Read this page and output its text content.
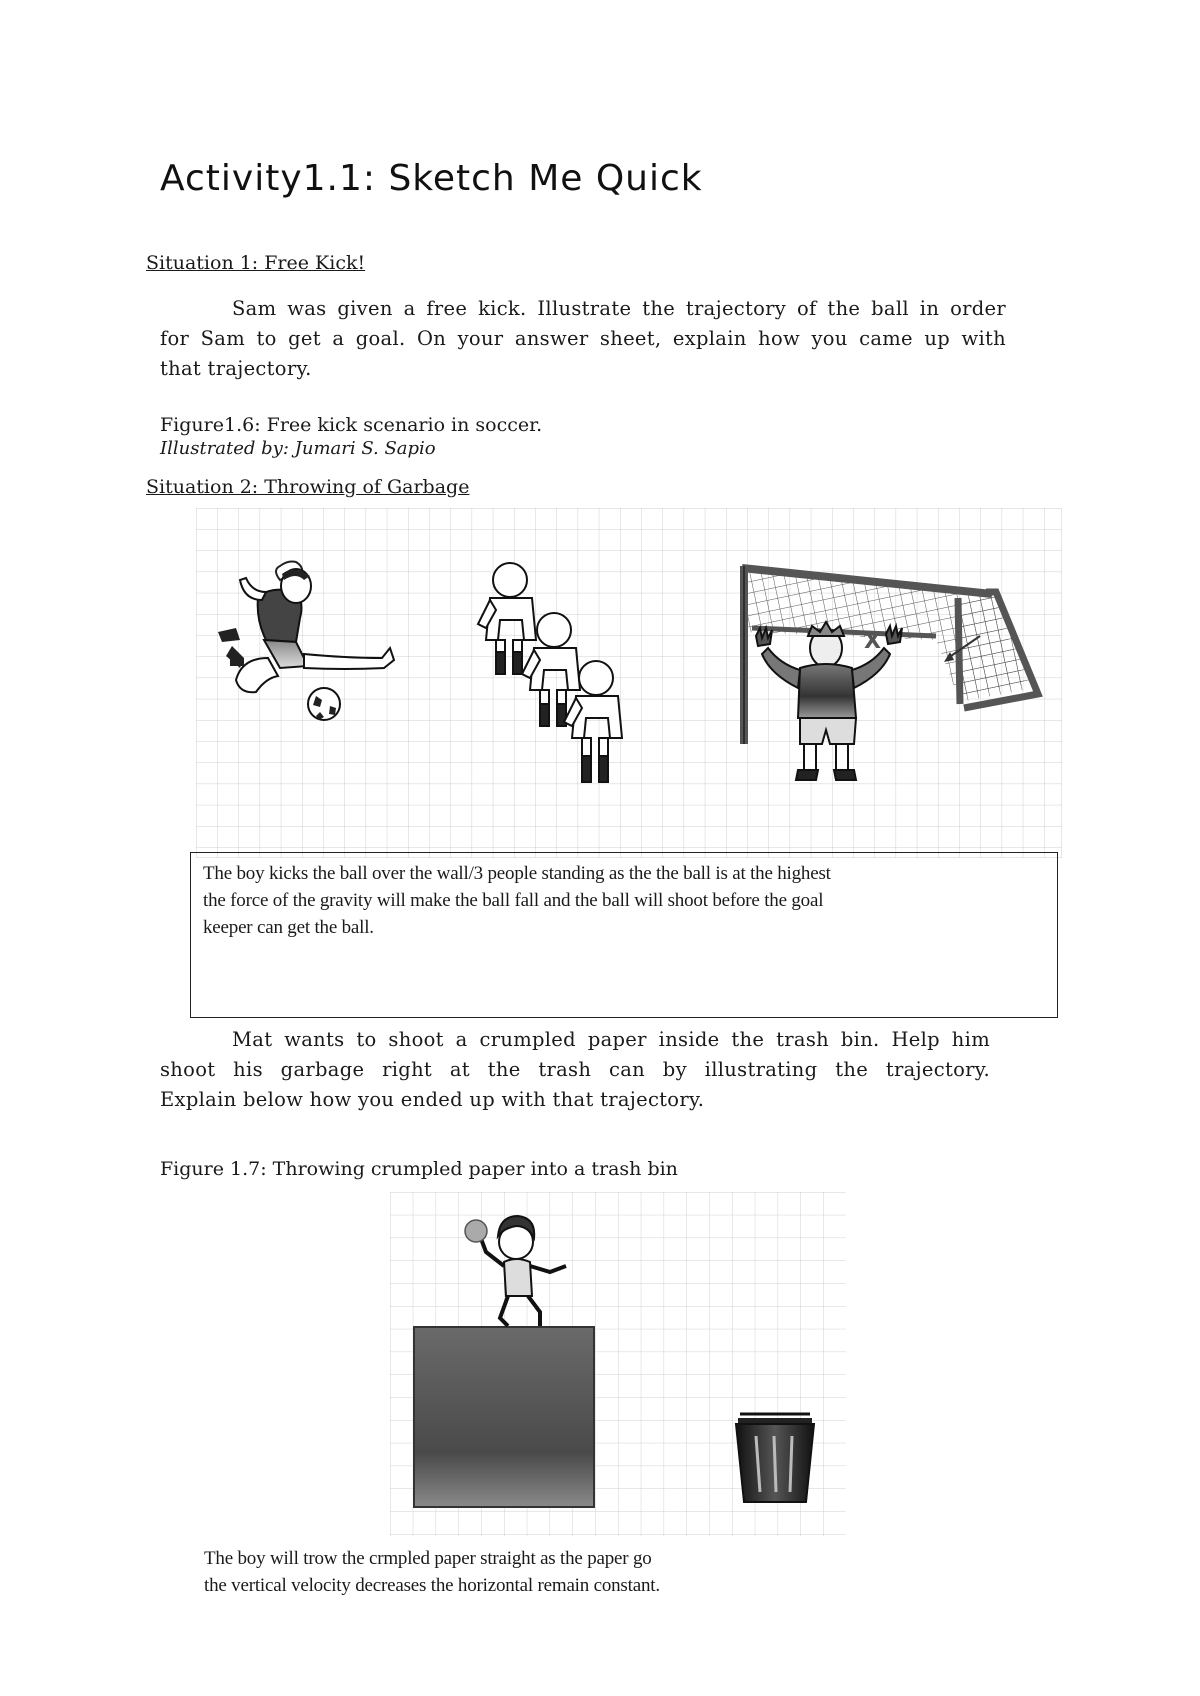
Activity1.1: Sketch Me Quick
Situation 1: Free Kick!
Sam was given a free kick. Illustrate the trajectory of the ball in order
for Sam to get a goal. On your answer sheet, explain how you came up with
that trajectory.
Figure1.6: Free kick scenario in soccer.
Illustrated by: Jumari S. Sapio
Situation 2: Throwing of Garbage
X
The boy kicks the ball over the wall/3 people standing as the the ball is at the highest
the force of the gravity will make the ball fall and the ball will shoot before the goal
keeper can get the ball.
Mat wants to shoot a crumpled paper inside the trash bin. Help him
shoot his garbage right at the trash can by illustrating the trajectory.
Explain below how you ended up with that trajectory.
Figure 1.7: Throwing crumpled paper into a trash bin
The boy will trow the crmpled paper straight as the paper go
the vertical velocity decreases the horizontal remain constant.
